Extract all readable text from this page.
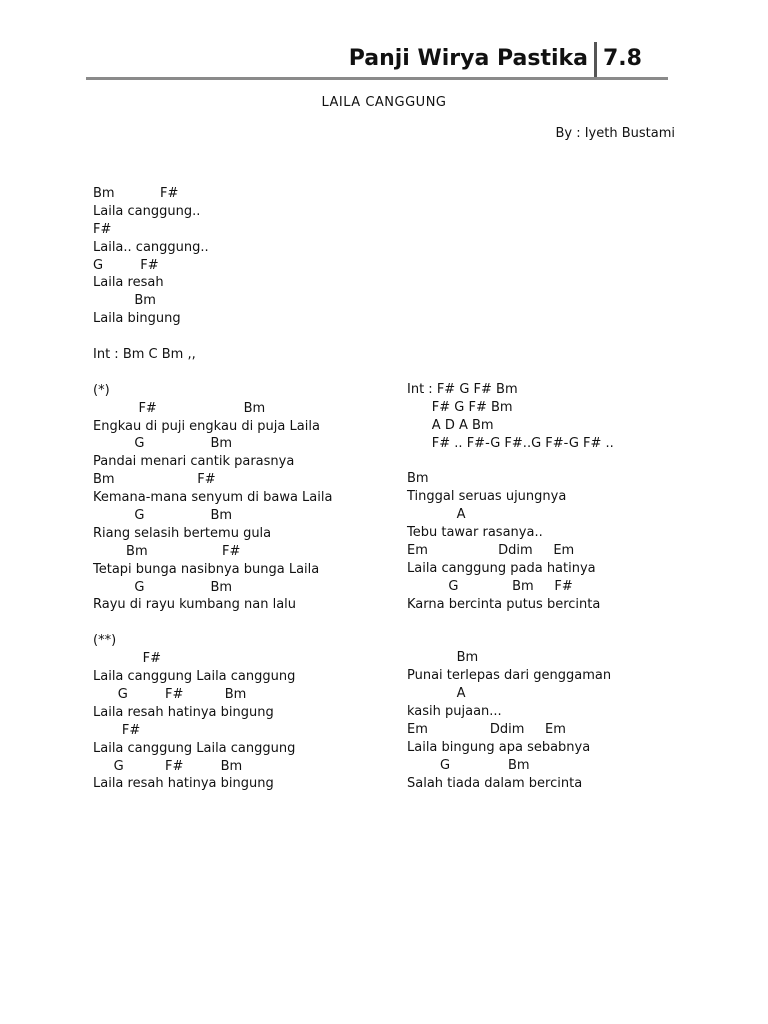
Panji Wirya Pastika 7.8
LAILA CANGGUNG
By : Iyeth Bustami
Bm           F#
Laila canggung..
F#
Laila.. canggung..
G         F#
Laila resah
Bm
Laila bingung
Int : Bm C Bm ,,
(*)
F#                     Bm
Engkau di puji engkau di puja Laila
G                Bm
Pandai menari cantik parasnya
Bm                    F#
Kemana-mana senyum di bawa Laila
G                Bm
Riang selasih bertemu gula
Bm                  F#
Tetapi bunga nasibnya bunga Laila
G                Bm
Rayu di rayu kumbang nan lalu
(**)
F#
Laila canggung Laila canggung
G         F#          Bm
Laila resah hatinya bingung
F#
Laila canggung Laila canggung
G          F#         Bm
Laila resah hatinya bingung
Int : F# G F# Bm
F# G F# Bm
A D A Bm
F# .. F#-G F#..G F#-G F# ..
Bm
Tinggal seruas ujungnya
A
Tebu tawar rasanya..
Em                 Ddim     Em
Laila canggung pada hatinya
G             Bm     F#
Karna bercinta putus bercinta
Bm
Punai terlepas dari genggaman
A
kasih pujaan...
Em               Ddim     Em
Laila bingung apa sebabnya
G              Bm
Salah tiada dalam bercinta
